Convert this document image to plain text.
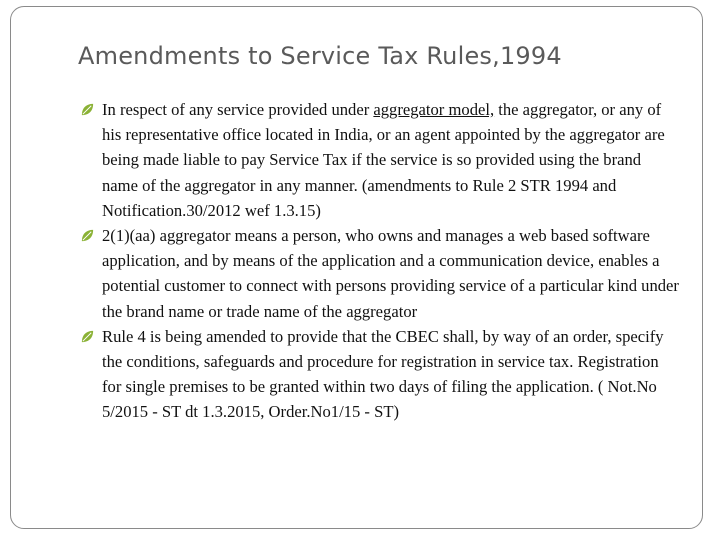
Amendments to Service Tax Rules,1994
In respect of any service provided under aggregator model, the aggregator, or any of his representative office located in India, or an agent appointed by the aggregator are being made liable to pay Service Tax if the service is so provided using the brand name of the aggregator in any manner. (amendments to Rule 2 STR 1994 and Notification.30/2012 wef 1.3.15)
2(1)(aa) aggregator means a person, who owns and manages a web based software application, and by means of the application and a communication device, enables a potential customer to connect with persons providing service of a particular kind under the brand name or trade name of the aggregator
Rule 4 is being amended to provide that the CBEC shall, by way of an order, specify the conditions, safeguards and procedure for registration in service tax. Registration for single premises to be granted within two days of filing the application. ( Not.No 5/2015 - ST dt 1.3.2015, Order.No1/15 - ST)
